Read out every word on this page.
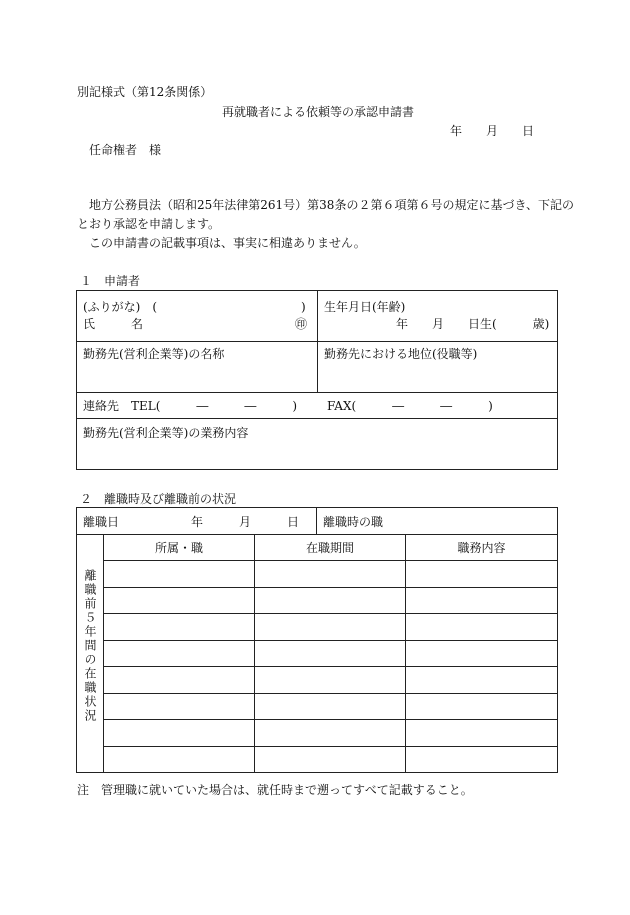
別記様式（第12条関係）
再就職者による依頼等の承認申請書
年　　月　　日
任命権者　様
地方公務員法（昭和25年法律第261号）第38条の２第６項第６号の規定に基づき、下記の
とおり承認を申請します。
この申請書の記載事項は、事実に相違ありません。
１　申請者
(ふりがな)　( )
氏　　　名 ㊞	生年月日(年齢)
年　　月　　日生(　　　歳)

勤務先(営利企業等)の名称	勤務先における地位(役職等)

連絡先　TEL(　　　―　　　―　　　) FAX(　　　―　　　―　　　)	

勤務先(営利企業等)の業務内容	
２　離職時及び離職前の状況
離職日　　　　　　年　　　月　　　日			離職時の職	

離職前５年間の在職状況	所属・職	在職期間		職務内容

注　管理職に就いていた場合は、就任時まで遡ってすべて記載すること。
